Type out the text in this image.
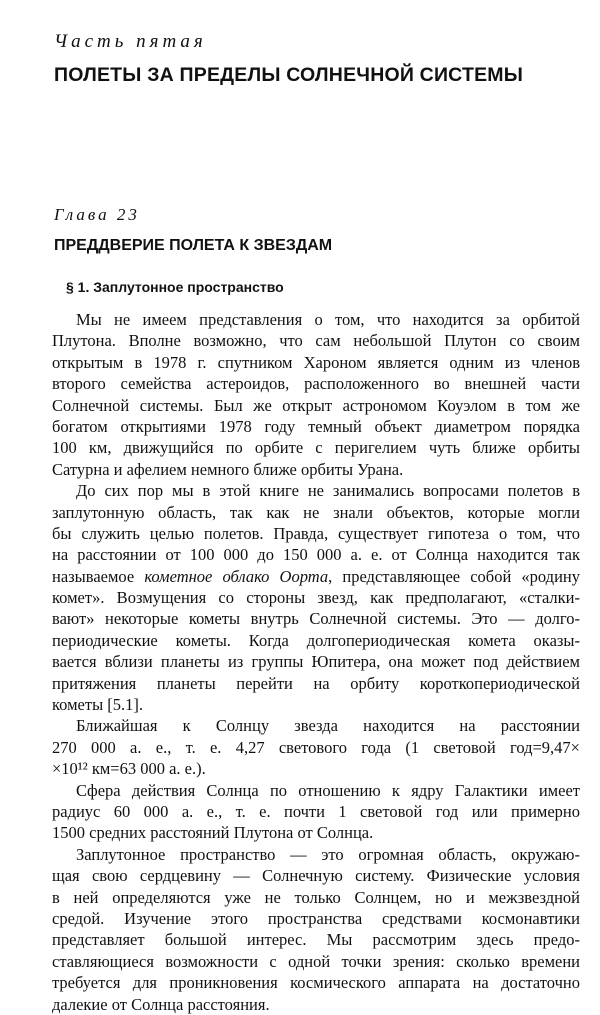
Часть пятая
ПОЛЕТЫ ЗА ПРЕДЕЛЫ СОЛНЕЧНОЙ СИСТЕМЫ
Глава 23
ПРЕДДВЕРИЕ ПОЛЕТА К ЗВЕЗДАМ
§ 1. Заплутонное пространство
Мы не имеем представления о том, что находится за орбитой
Плутона. Вполне возможно, что сам небольшой Плутон со своим
открытым в 1978 г. спутником Хароном является одним из членов
второго семейства астероидов, расположенного во внешней части
Солнечной системы. Был же открыт астрономом Коуэлом в том же
богатом открытиями 1978 году темный объект диаметром порядка
100 км, движущийся по орбите с перигелием чуть ближе орбиты
Сатурна и афелием немного ближе орбиты Урана.
До сих пор мы в этой книге не занимались вопросами полетов в
заплутонную область, так как не знали объектов, которые могли
бы служить целью полетов. Правда, существует гипотеза о том, что
на расстоянии от 100 000 до 150 000 а. е. от Солнца находится так
называемое кометное облако Оорта, представляющее собой «родину
комет». Возмущения со стороны звезд, как предполагают, «сталки-
вают» некоторые кометы внутрь Солнечной системы. Это — долго-
периодические кометы. Когда долгопериодическая комета оказы-
вается вблизи планеты из группы Юпитера, она может под действием
притяжения планеты перейти на орбиту короткопериодической
кометы [5.1].
Ближайшая к Солнцу звезда находится на расстоянии
270 000 а. е., т. е. 4,27 светового года (1 световой год=9,47×
×10¹² км=63 000 а. е.).
Сфера действия Солнца по отношению к ядру Галактики имеет
радиус 60 000 а. е., т. е. почти 1 световой год или примерно
1500 средних расстояний Плутона от Солнца.
Заплутонное пространство — это огромная область, окружаю-
щая свою сердцевину — Солнечную систему. Физические условия
в ней определяются уже не только Солнцем, но и межзвездной
средой. Изучение этого пространства средствами космонавтики
представляет большой интерес. Мы рассмотрим здесь предо-
ставляющиеся возможности с одной точки зрения: сколько времени
требуется для проникновения космического аппарата на достаточно
далекие от Солнца расстояния.
